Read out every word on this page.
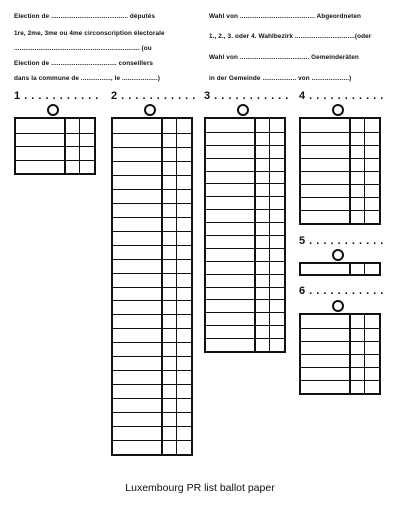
Election de ......................................... députés
1re, 2me, 3me ou 4me circonscription électorale
................................................................... (ou
Election de ................................... conseillers
dans la commune de ................, le ...................)
Wahl von ........................................ Abgeordneten
1., 2., 3. oder 4. Wahlbezirk ................................(oder
Wahl von ..................................... Gemeinderäten
in der Gemeinde .................. von ....................)
1 . . . . . . . . . . . 2 . . . . . . . . . . . 3 . . . . . . . . . . . 4 . . . . . . . . . . .
5 . . . . . . . . . . .
6 . . . . . . . . . . .
Luxembourg PR list ballot paper
